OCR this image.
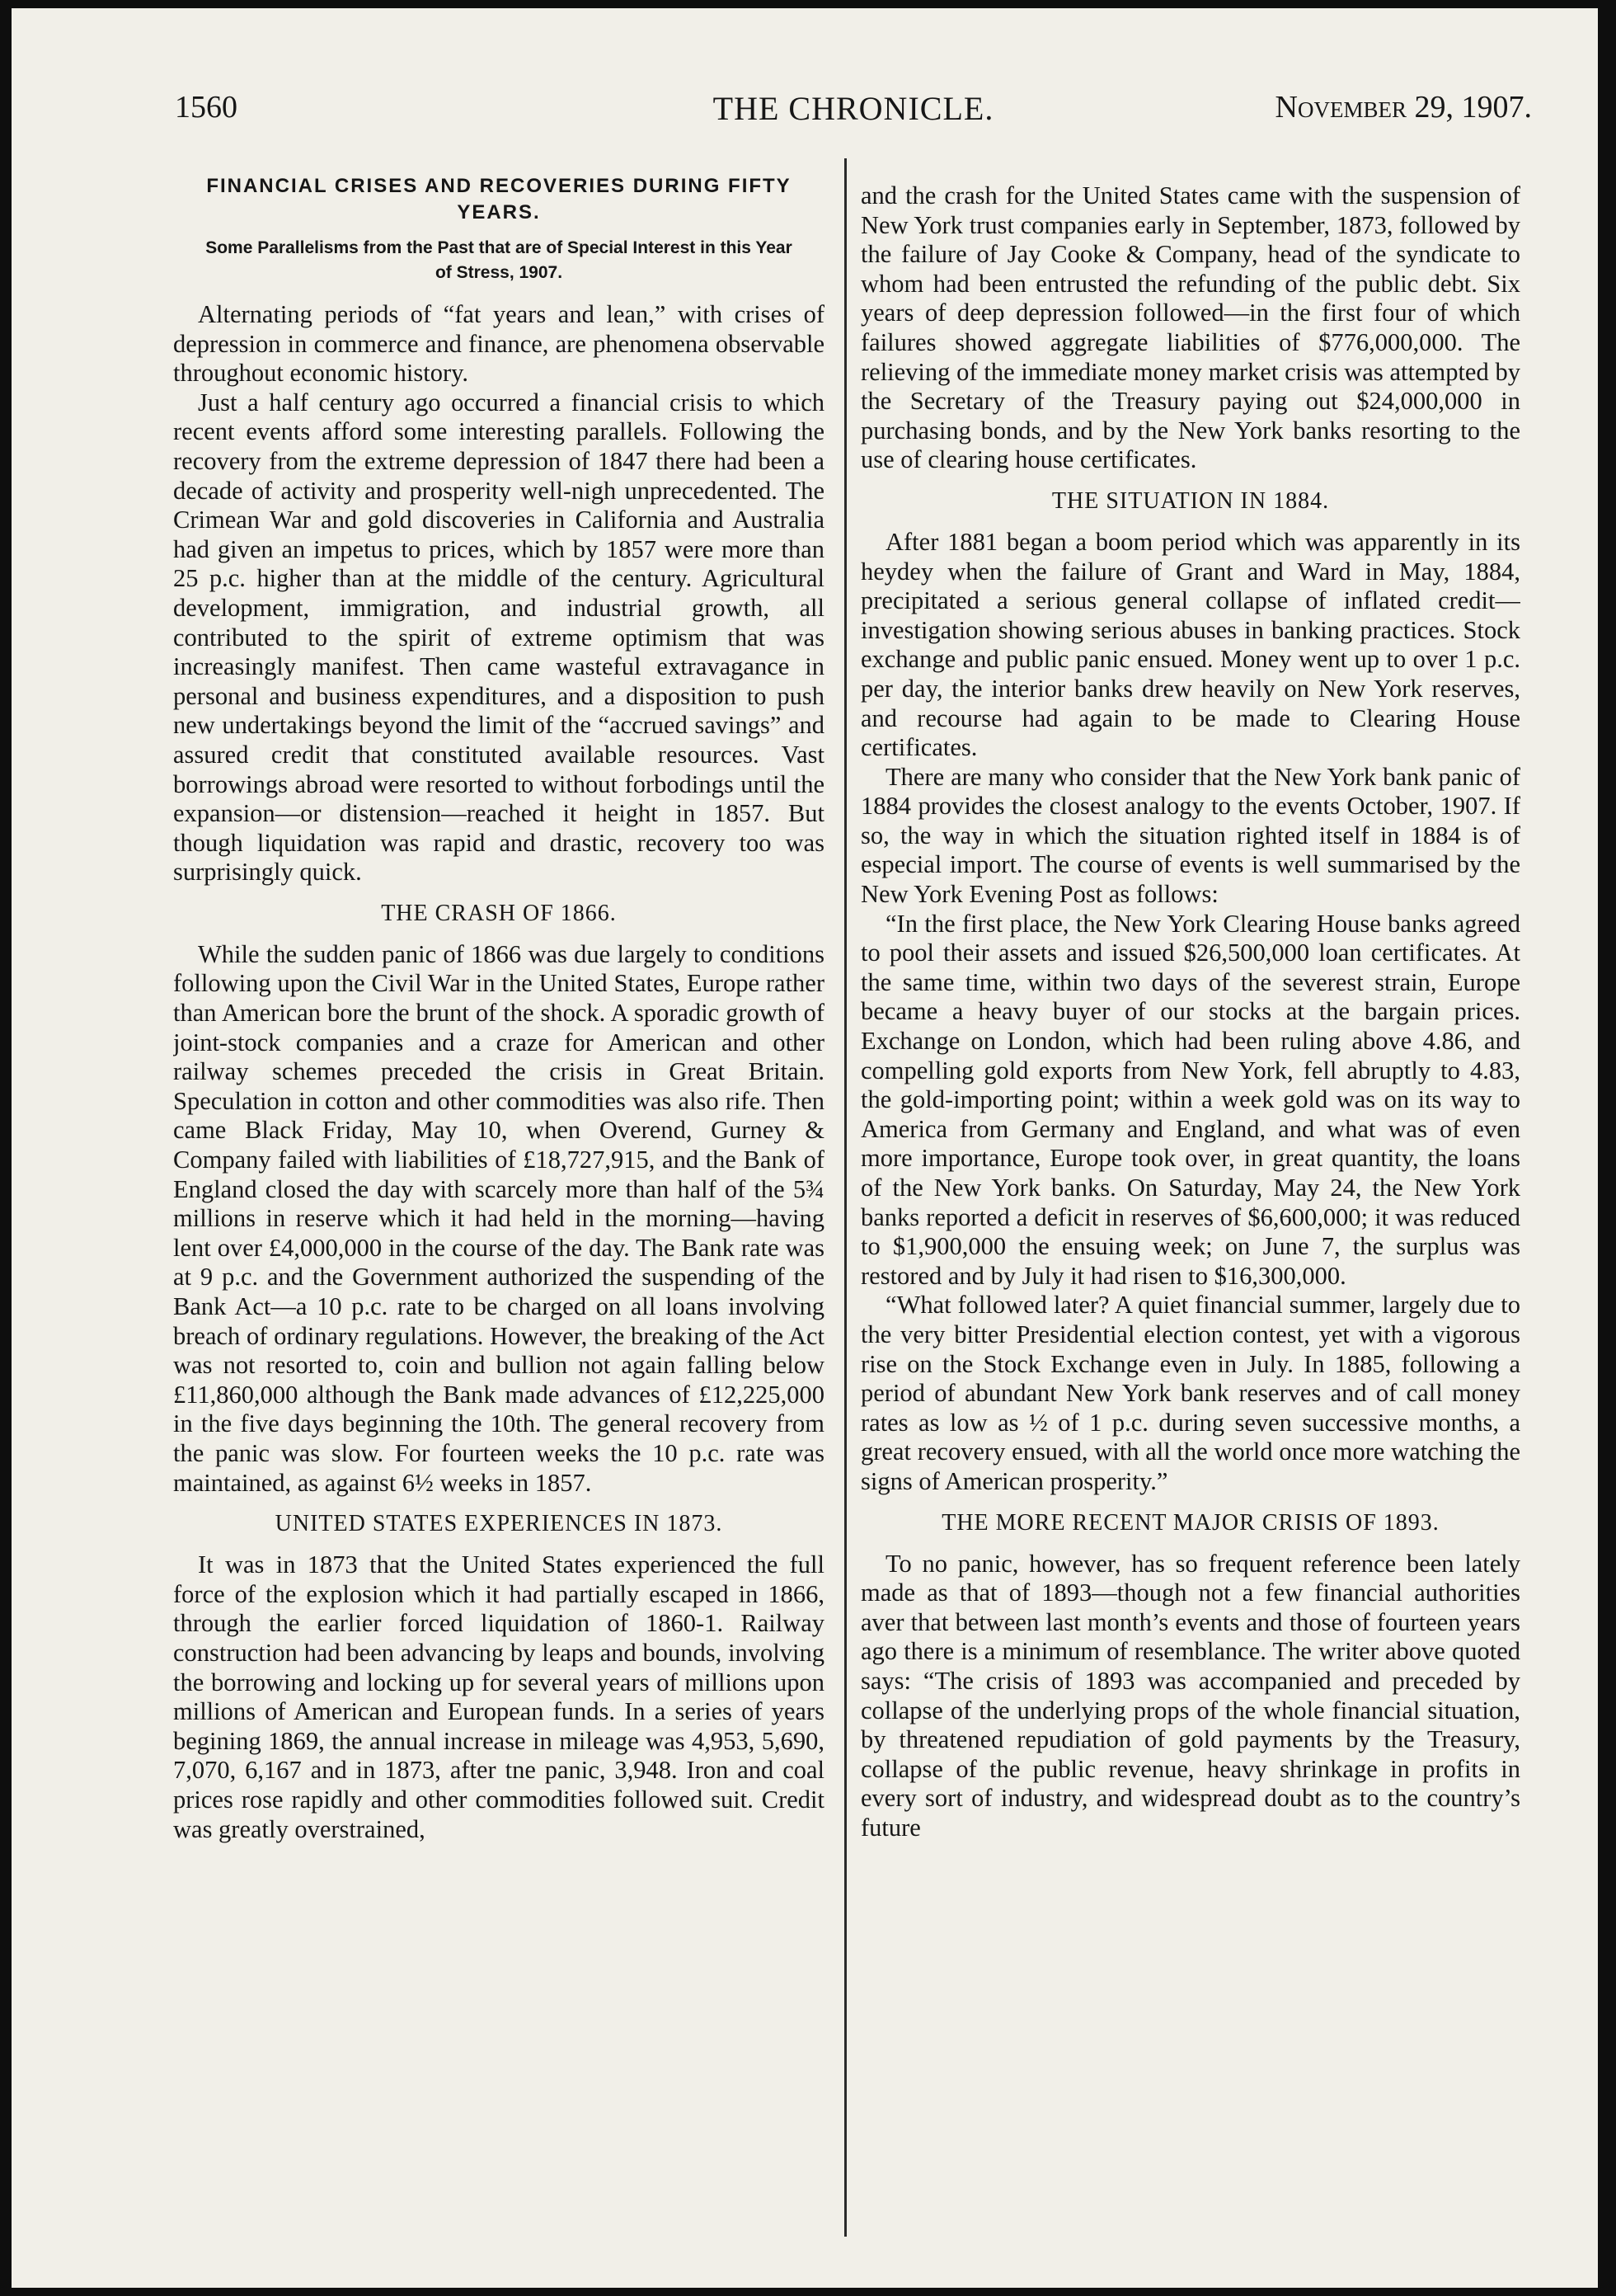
1560	THE CHRONICLE.	November 29, 1907.
FINANCIAL CRISES AND RECOVERIES DURING FIFTY YEARS.
Some Parallelisms from the Past that are of Special Interest in this Year of Stress, 1907.

Alternating periods of “fat years and lean,” with crises of depression in commerce and finance, are phenomena observable throughout economic history.

Just a half century ago occurred a financial crisis to which recent events afford some interesting parallels. Following the recovery from the extreme depression of 1847 there had been a decade of activity and prosperity well-nigh unprecedented. The Crimean War and gold discoveries in California and Australia had given an impetus to prices, which by 1857 were more than 25 p.c. higher than at the middle of the century. Agricultural development, immigration, and industrial growth, all contributed to the spirit of extreme optimism that was increasingly manifest. Then came wasteful extravagance in personal and business expenditures, and a disposition to push new undertakings beyond the limit of the “accrued savings” and assured credit that constituted available resources. Vast borrowings abroad were resorted to without forbodings until the expansion—or distension—reached it height in 1857. But though liquidation was rapid and drastic, recovery too was surprisingly quick.

THE CRASH OF 1866.

While the sudden panic of 1866 was due largely to conditions following upon the Civil War in the United States, Europe rather than American bore the brunt of the shock. A sporadic growth of joint-stock companies and a craze for American and other railway schemes preceded the crisis in Great Britain. Speculation in cotton and other commodities was also rife. Then came Black Friday, May 10, when Overend, Gurney & Company failed with liabilities of £18,727,915, and the Bank of England closed the day with scarcely more than half of the 5¾ millions in reserve which it had held in the morning—having lent over £4,000,000 in the course of the day. The Bank rate was at 9 p.c. and the Government authorized the suspending of the Bank Act—a 10 p.c. rate to be charged on all loans involving breach of ordinary regulations. However, the breaking of the Act was not resorted to, coin and bullion not again falling below £11,860,000 although the Bank made advances of £12,225,000 in the five days beginning the 10th. The general recovery from the panic was slow. For fourteen weeks the 10 p.c. rate was maintained, as against 6½ weeks in 1857.

UNITED STATES EXPERIENCES IN 1873.

It was in 1873 that the United States experienced the full force of the explosion which it had partially escaped in 1866, through the earlier forced liquidation of 1860-1. Railway construction had been advancing by leaps and bounds, involving the borrowing and locking up for several years of millions upon millions of American and European funds. In a series of years begining 1869, the annual increase in mileage was 4,953, 5,690, 7,070, 6,167 and in 1873, after tne panic, 3,948. Iron and coal prices rose rapidly and other commodities followed suit. Credit was greatly overstrained,

and the crash for the United States came with the suspension of New York trust companies early in September, 1873, followed by the failure of Jay Cooke & Company, head of the syndicate to whom had been entrusted the refunding of the public debt. Six years of deep depression followed—in the first four of which failures showed aggregate liabilities of $776,000,000. The relieving of the immediate money market crisis was attempted by the Secretary of the Treasury paying out $24,000,000 in purchasing bonds, and by the New York banks resorting to the use of clearing house certificates.

THE SITUATION IN 1884.

After 1881 began a boom period which was apparently in its heydey when the failure of Grant and Ward in May, 1884, precipitated a serious general collapse of inflated credit—investigation showing serious abuses in banking practices. Stock exchange and public panic ensued. Money went up to over 1 p.c. per day, the interior banks drew heavily on New York reserves, and recourse had again to be made to Clearing House certificates.

There are many who consider that the New York bank panic of 1884 provides the closest analogy to the events October, 1907. If so, the way in which the situation righted itself in 1884 is of especial import. The course of events is well summarised by the New York Evening Post as follows:

“In the first place, the New York Clearing House banks agreed to pool their assets and issued $26,500,000 loan certificates. At the same time, within two days of the severest strain, Europe became a heavy buyer of our stocks at the bargain prices. Exchange on London, which had been ruling above 4.86, and compelling gold exports from New York, fell abruptly to 4.83, the gold-importing point; within a week gold was on its way to America from Germany and England, and what was of even more importance, Europe took over, in great quantity, the loans of the New York banks. On Saturday, May 24, the New York banks reported a deficit in reserves of $6,600,000; it was reduced to $1,900,000 the ensuing week; on June 7, the surplus was restored and by July it had risen to $16,300,000.

“What followed later? A quiet financial summer, largely due to the very bitter Presidential election contest, yet with a vigorous rise on the Stock Exchange even in July. In 1885, following a period of abundant New York bank reserves and of call money rates as low as ½ of 1 p.c. during seven successive months, a great recovery ensued, with all the world once more watching the signs of American prosperity.”

THE MORE RECENT MAJOR CRISIS OF 1893.

To no panic, however, has so frequent reference been lately made as that of 1893—though not a few financial authorities aver that between last month’s events and those of fourteen years ago there is a minimum of resemblance. The writer above quoted says: “The crisis of 1893 was accompanied and preceded by collapse of the underlying props of the whole financial situation, by threatened repudiation of gold payments by the Treasury, collapse of the public revenue, heavy shrinkage in profits in every sort of industry, and widespread doubt as to the country’s future
